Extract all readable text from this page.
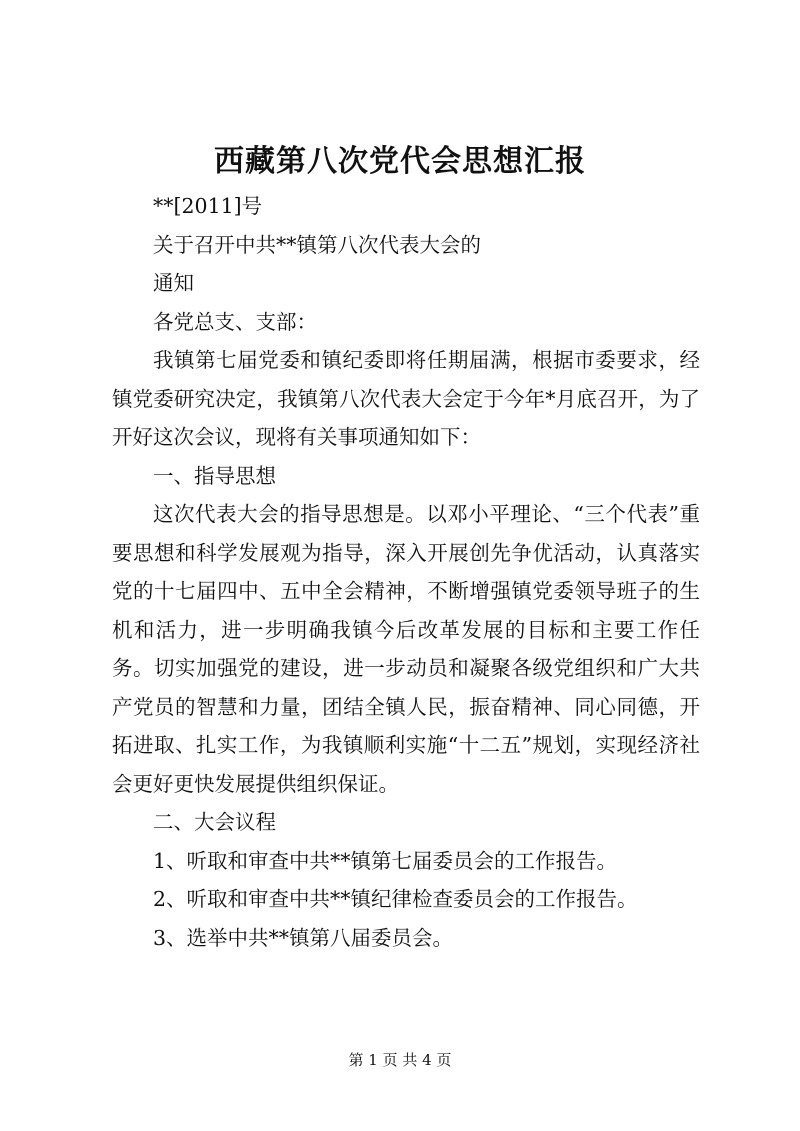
西藏第八次党代会思想汇报

**[2011]号

关于召开中共**镇第八次代表大会的

通知

各党总支、支部：

我镇第七届党委和镇纪委即将任期届满，根据市委要求，经镇党委研究决定，我镇第八次代表大会定于今年*月底召开，为了开好这次会议，现将有关事项通知如下：

一、指导思想

这次代表大会的指导思想是。以邓小平理论、“三个代表”重要思想和科学发展观为指导，深入开展创先争优活动，认真落实党的十七届四中、五中全会精神，不断增强镇党委领导班子的生机和活力，进一步明确我镇今后改革发展的目标和主要工作任务。切实加强党的建设，进一步动员和凝聚各级党组织和广大共产党员的智慧和力量，团结全镇人民，振奋精神、同心同德，开拓进取、扎实工作，为我镇顺利实施“十二五”规划，实现经济社会更好更快发展提供组织保证。

二、大会议程

1、听取和审查中共**镇第七届委员会的工作报告。

2、听取和审查中共**镇纪律检查委员会的工作报告。

3、选举中共**镇第八届委员会。

第 1 页 共 4 页
